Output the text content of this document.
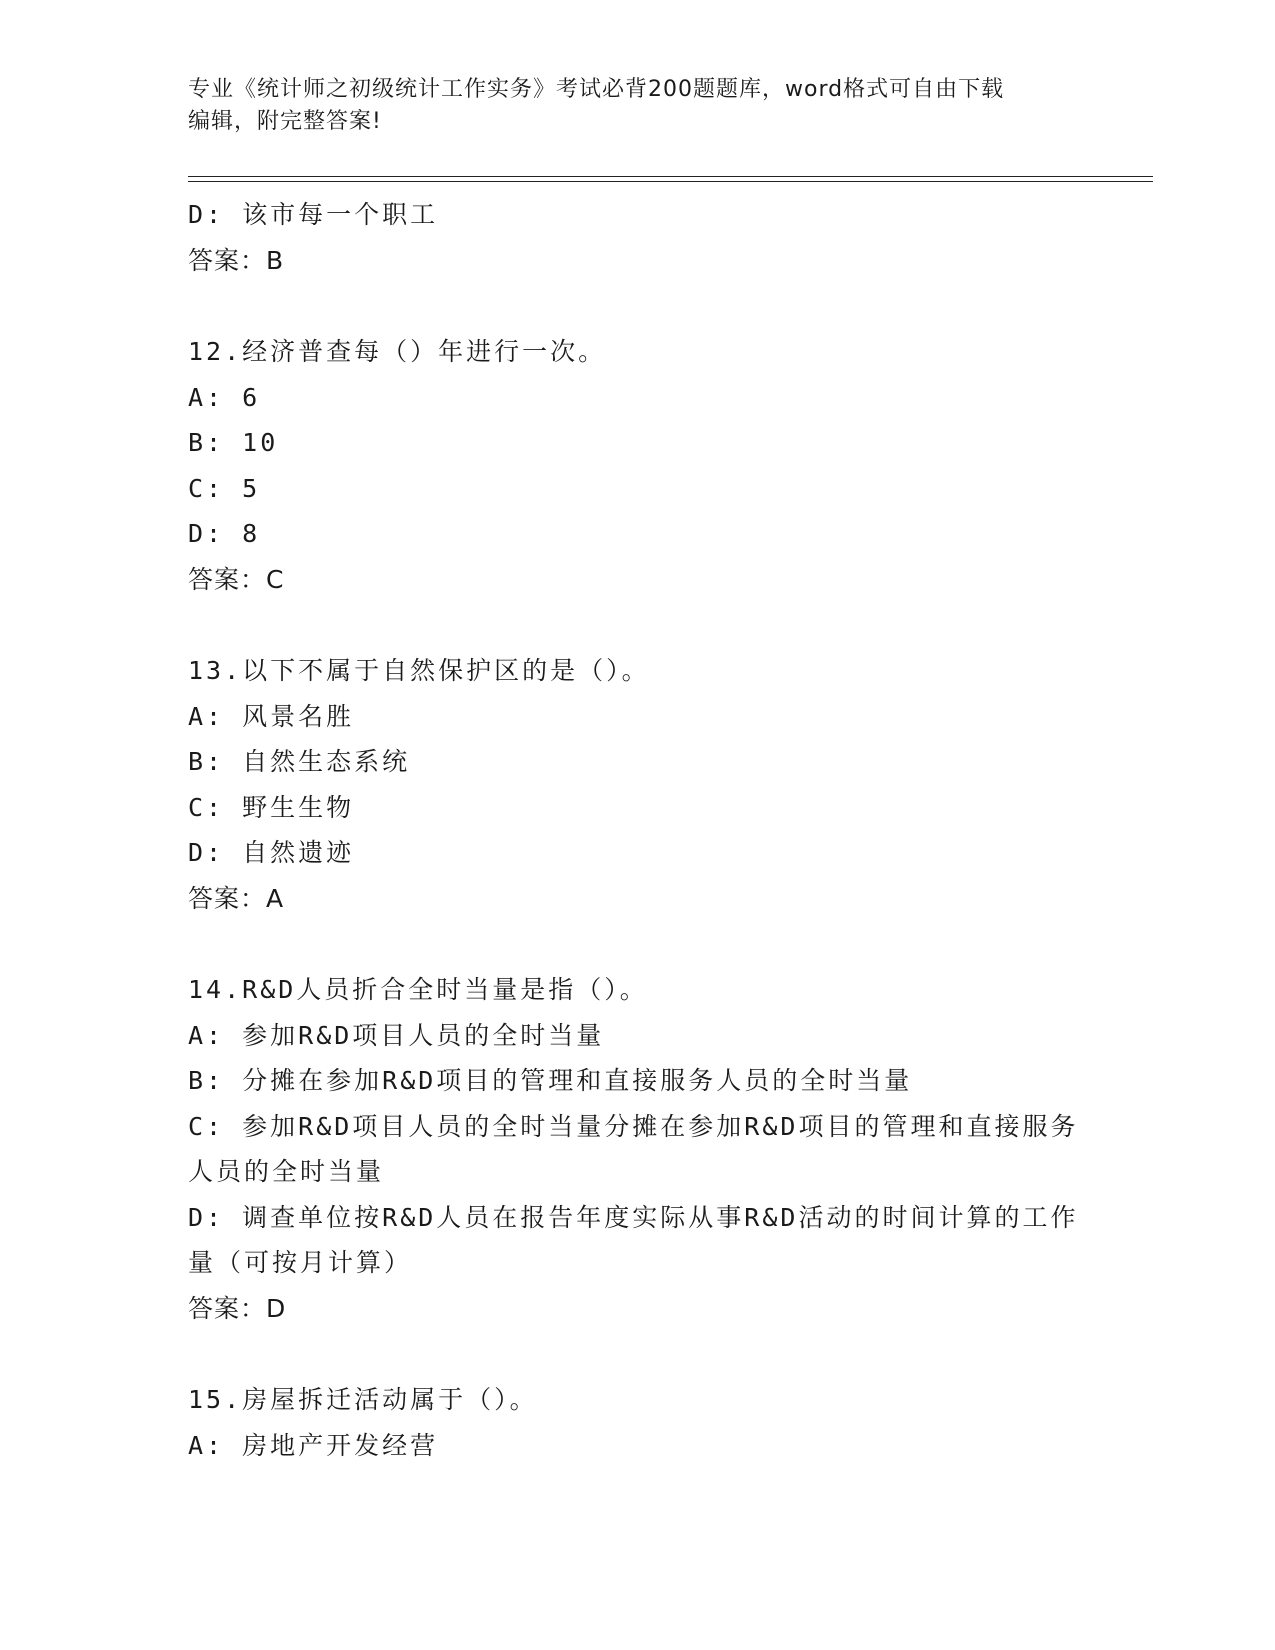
专业《统计师之初级统计工作实务》考试必背200题题库，word格式可自由下载
编辑，附完整答案!
D: 该市每一个职工
答案：B
12.经济普查每（）年进行一次。
A: 6
B: 10
C: 5
D: 8
答案：C
13.以下不属于自然保护区的是（）。
A: 风景名胜
B: 自然生态系统
C: 野生生物
D: 自然遗迹
答案：A
14.R&D人员折合全时当量是指（）。
A: 参加R&D项目人员的全时当量
B: 分摊在参加R&D项目的管理和直接服务人员的全时当量
C: 参加R&D项目人员的全时当量分摊在参加R&D项目的管理和直接服务人员的全时当量
D: 调查单位按R&D人员在报告年度实际从事R&D活动的时间计算的工作量（可按月计算）
答案：D
15.房屋拆迁活动属于（）。
A: 房地产开发经营
